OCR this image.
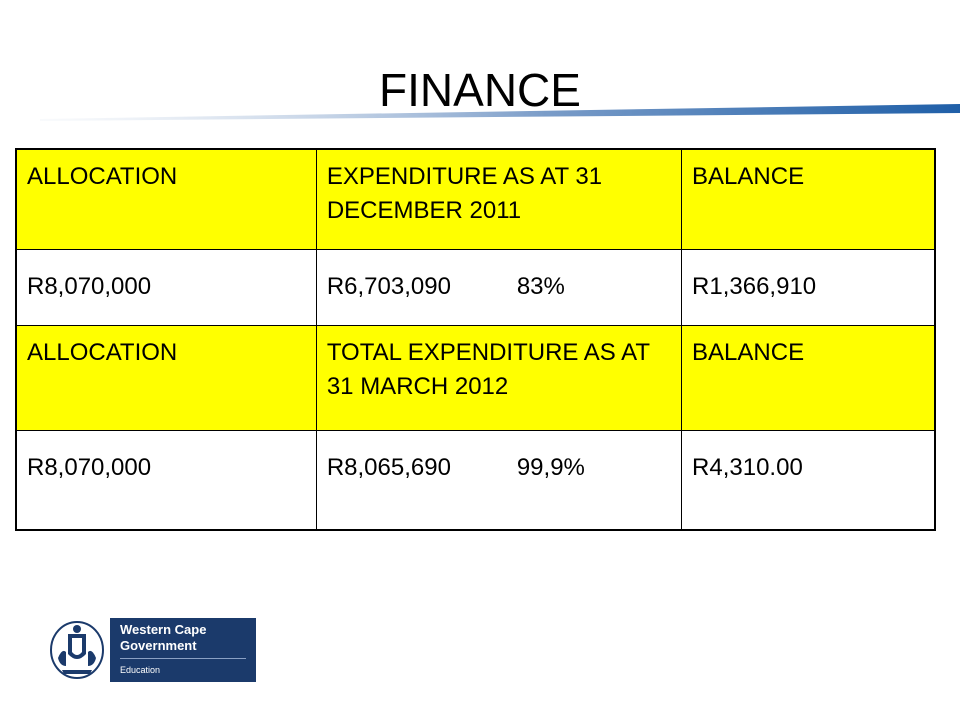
FINANCE
ALLOCATION	EXPENDITURE AS AT 31 DECEMBER 2011	BALANCE
R8,070,000	R6,703,090 83%	R1,366,910
ALLOCATION	TOTAL EXPENDITURE AS AT 31 MARCH 2012	BALANCE
R8,070,000	R8,065,690 99,9%	R4,310.00
Western Cape
Government
Education
